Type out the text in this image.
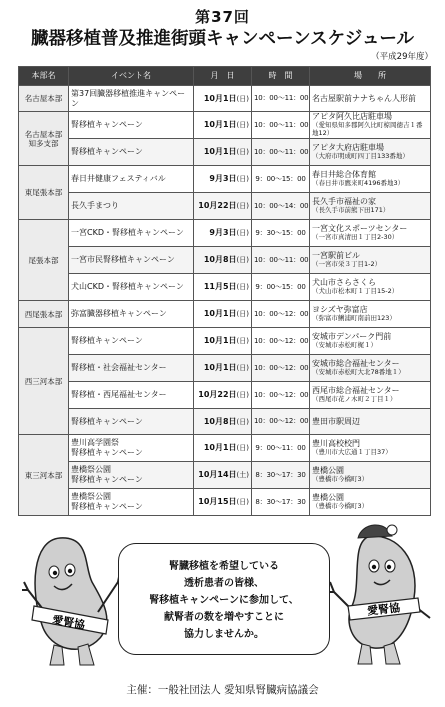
第37回
臓器移植普及推進街頭キャンペーンスケジュール
（平成29年度）
本部名	イベント名	月　日	時　間	場　　所
名古屋本部	第37回臓器移植推進キャンペーン	10月1日(日)	10：00～11：00	名古屋駅前ナナちゃん人形前

名古屋本部
知多支部	腎移植キャンペーン	10月1日(日)	10：00～11：00	アピタ阿久比店駐車場
（愛知県知多郡阿久比町椋岡徳吉１番地12）

	腎移植キャンペーン	10月1日(日)	10：00～11：00	アピタ大府店駐車場
（大府市明成町四丁目133番地）

東尾張本部	春日井健康フェスティバル	9月3日(日)	9：00～15：00	春日井総合体育館
（春日井市鷹来町4196番地3）

	長久手まつり	10月22日(日)	10：00～14：00	長久手市福祉の家
（長久手市前熊下田171）

尾張本部	一宮CKD・腎移植キャンペーン	9月3日(日)	9：30～15：00	一宮文化スポーツセンター
（一宮市真清田１丁目2-30）

	一宮市民腎移植キャンペーン	10月8日(日)	10：00～11：00	一宮駅前ビル
（一宮市栄３丁目1-2）

	犬山CKD・腎移植キャンペーン	11月5日(日)	9：00～15：00	犬山市さらさくら
（犬山市松本町１丁目15-2）

西尾張本部	弥富臓器移植キャンペーン	10月1日(日)	10：00～12：00	ヨシズヤ弥富店
（弥富市鯏浦町南前田123）

西三河本部	腎移植キャンペーン	10月1日(日)	10：00～12：00	安城市デンパーク門前
（安城市赤松町梶１）

	腎移植・社会福祉センター	10月1日(日)	10：00～12：00	安城市総合福祉センター
（安城市赤松町大北78番地１）

	腎移植・西尾福祉センター	10月22日(日)	10：00～12：00	西尾市総合福祉センター
（西尾市花ノ木町２丁目１）

	腎移植キャンペーン	10月8日(日)	10：00～12：00	豊田市駅周辺

東三河本部	豊川高学園祭
腎移植キャンペーン	10月1日(日)	9：00～11：00	豊川高校校門
（豊川市大広通１丁目37）

	豊橋祭公園
腎移植キャンペーン	10月14日(土)	8：30～17：30	豊橋公園
（豊橋市今橋町3）

	豊橋祭公園
腎移植キャンペーン	10月15日(日)	8：30～17：30	豊橋公園
（豊橋市今橋町3）
愛腎協
愛腎協
腎臓移植を希望している
透析患者の皆様、
腎移植キャンペーンに参加して、
献腎者の数を増やすことに
協力しませんか。
主催：一般社団法人 愛知県腎臓病協議会
